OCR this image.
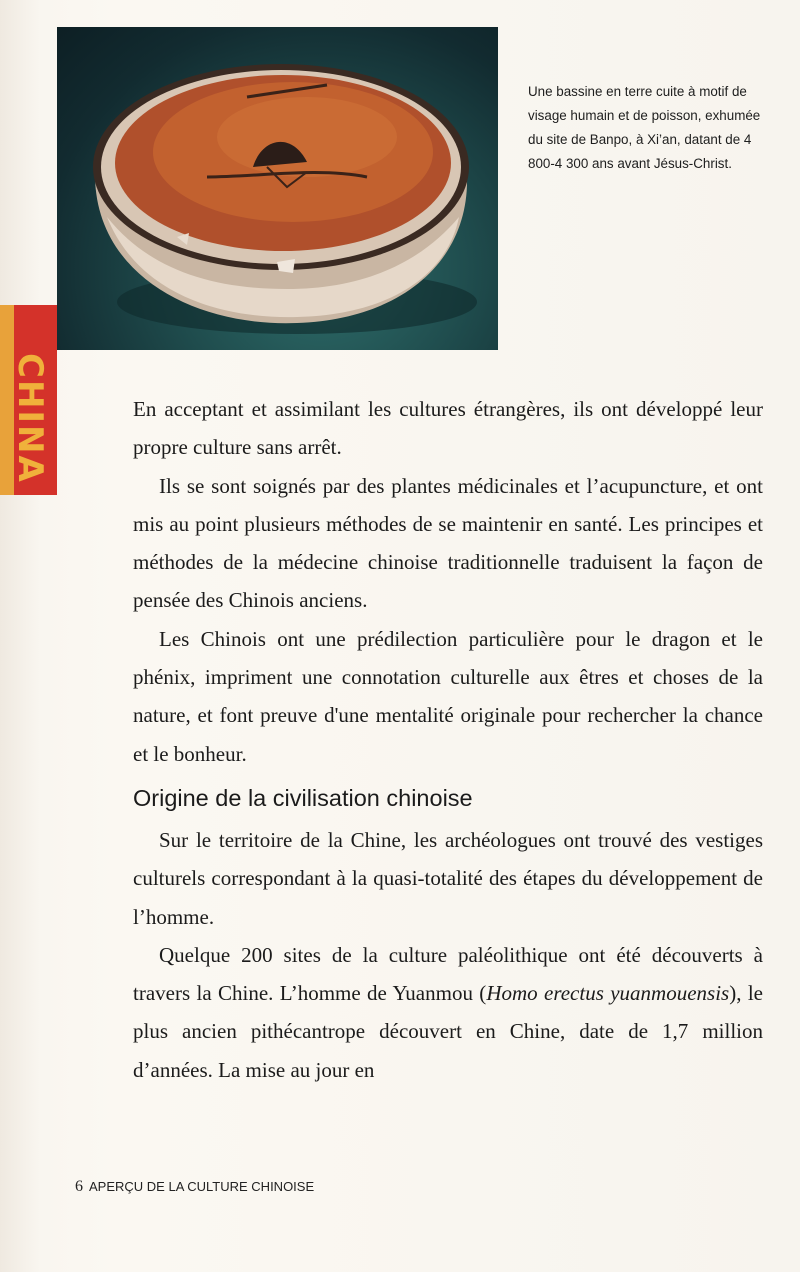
Une bassine en terre cuite à motif de visage humain et de poisson, exhumée du site de Banpo, à Xi’an, datant de 4 800-4 300 ans avant Jésus-Christ.
CHINA	En acceptant et assimilant les cultures étrangères, ils ont développé leur propre culture sans arrêt.

Ils se sont soignés par des plantes médicinales et l’acupuncture, et ont mis au point plusieurs méthodes de se maintenir en santé. Les principes et méthodes de la médecine chinoise traditionnelle traduisent la façon de pensée des Chinois anciens.

Les Chinois ont une prédilection particulière pour le dragon et le phénix, impriment une connotation culturelle aux êtres et choses de la nature, et font preuve d'une mentalité originale pour rechercher la chance et le bonheur.

Origine de la civilisation chinoise

Sur le territoire de la Chine, les archéologues ont trouvé des vestiges culturels correspondant à la quasi-totalité des étapes du développement de l’homme.

Quelque 200 sites de la culture paléolithique ont été découverts à travers la Chine. L’homme de Yuanmou (Homo erectus yuanmouensis), le plus ancien pithécantrope découvert en Chine, date de 1,7 million d’années. La mise au jour en

6 APERÇU DE LA CULTURE CHINOISE
